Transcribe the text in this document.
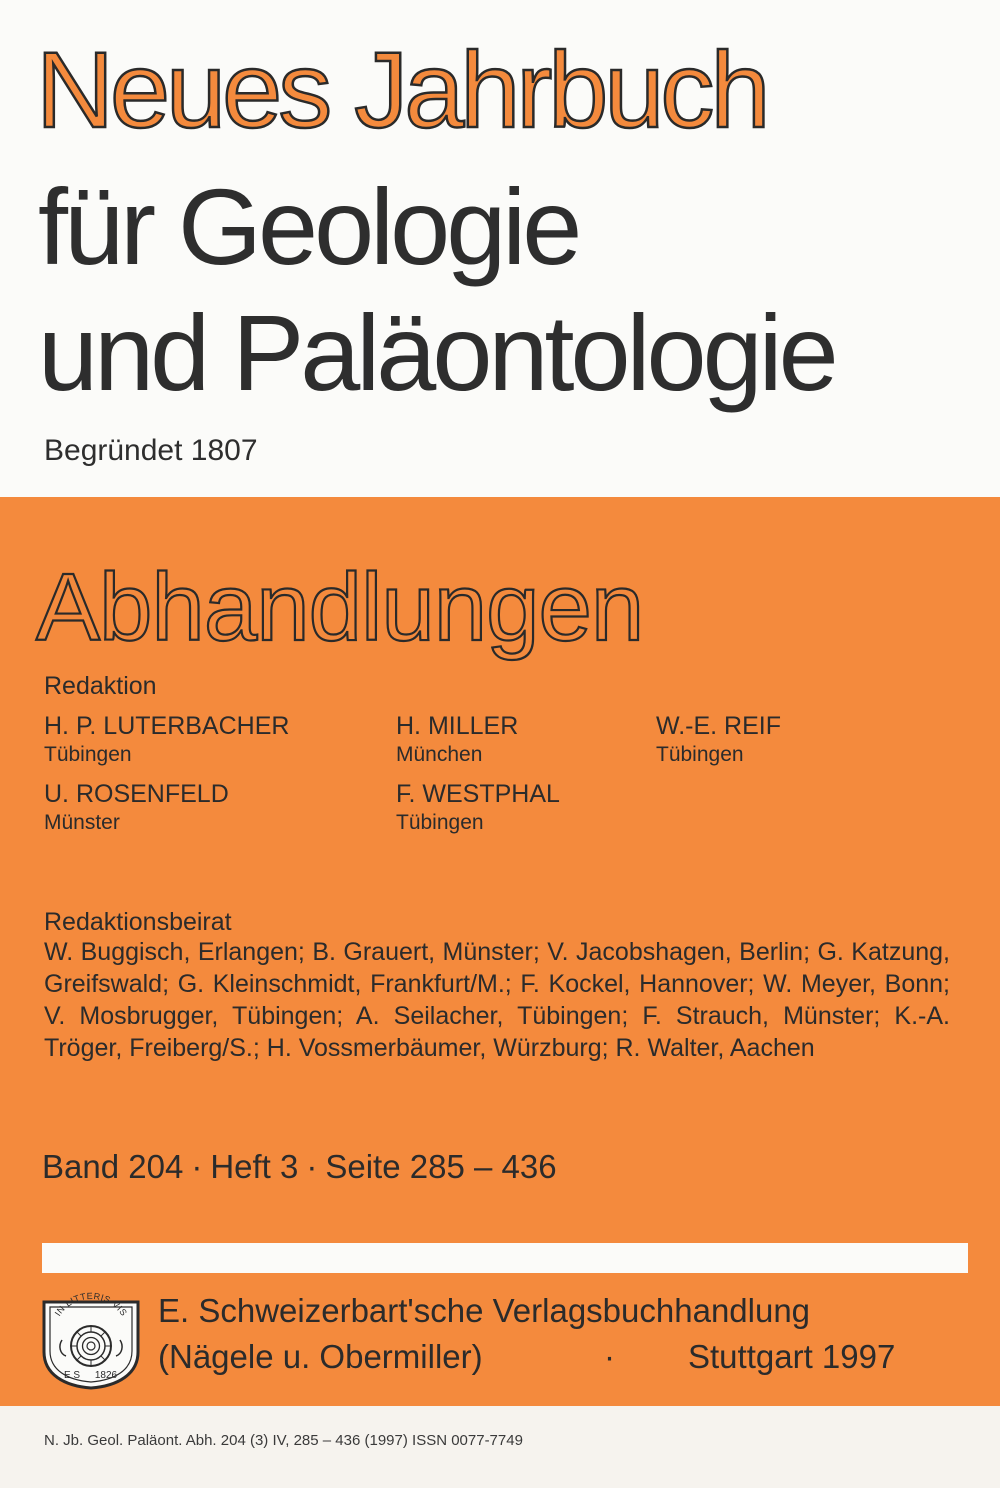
Neues Jahrbuch
für Geologie
und Paläontologie
Begründet 1807
Abhandlungen
Redaktion
H. P. LUTERBACHER
Tübingen
H. MILLER
München
W.-E. REIF
Tübingen
U. ROSENFELD
Münster
F. WESTPHAL
Tübingen
Redaktionsbeirat
W. Buggisch, Erlangen; B. Grauert, Münster; V. Jacobshagen, Berlin; G. Katzung, Greifswald; G. Kleinschmidt, Frankfurt/M.; F. Kockel, Hannover; W. Meyer, Bonn; V. Mosbrugger, Tübingen; A. Seilacher, Tübingen; F. Strauch, Münster; K.-A. Tröger, Freiberg/S.; H. Vossmerbäumer, Würzburg; R. Walter, Aachen
Band 204 · Heft 3 · Seite 285 – 436
IN LITTERIS VIS
E S 1826
E. Schweizerbart'sche Verlagsbuchhandlung
(Nägele u. Obermiller)	· Stuttgart 1997
N. Jb. Geol. Paläont. Abh. 204 (3) IV, 285 – 436 (1997) ISSN 0077-7749
